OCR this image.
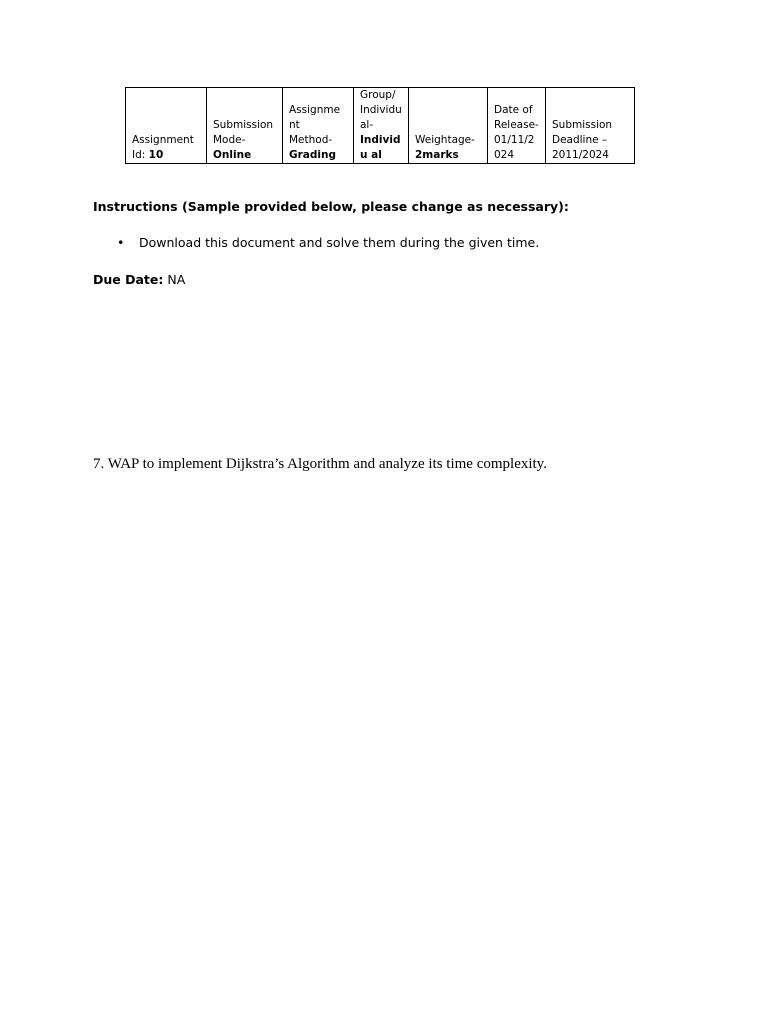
Assignment
Id: 10

Submission
Mode-
Online

Assignme
nt
Method-
Grading

Group/
Individu
al-
Individu al

Weightage-
2marks

Date of
Release-
01/11/2
024

Submission
Deadline –
2011/2024

Instructions (Sample provided below, please change as necessary):

• Download this document and solve them during the given time.

Due Date: NA

7. WAP to implement Dijkstra’s Algorithm and analyze its time complexity.
